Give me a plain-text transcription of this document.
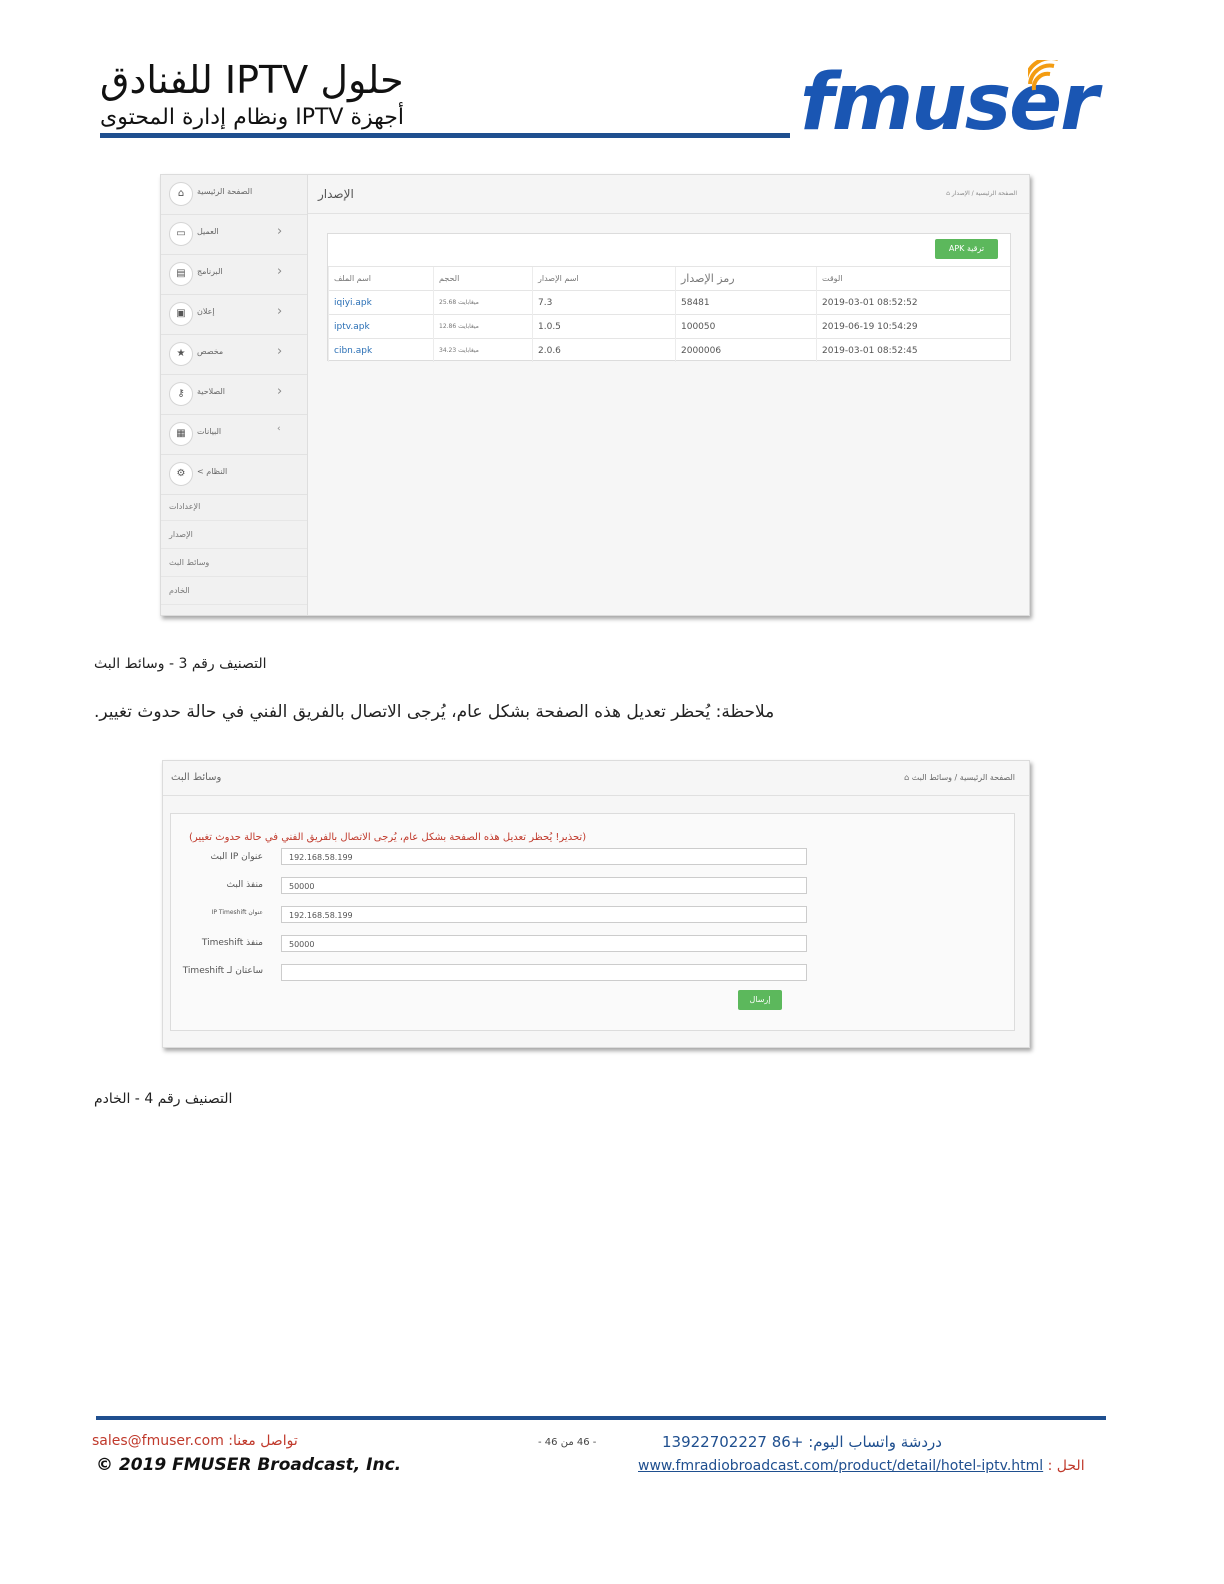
حلول IPTV للفنادق
أجهزة IPTV ونظام إدارة المحتوى	fmuser
⌂	الصفحة الرئيسية
▭	العميل	›
▤	البرنامج	›
▣	إعلان	›
★	مخصص	›
⚷	الصلاحية	›
▦	البيانات	‹
⚙	النظام >
الإعدادات
الإصدار
وسائط البث
الخادم
الإصدار	الصفحة الرئيسية / الإصدار ⌂
ترقية APK
اسم الملف	الحجم	اسم الإصدار	رمز الإصدار	الوقت
iqiyi.apk	25.68 ميغابايت	7.3	58481	2019-03-01 08:52:52
iptv.apk	12.86 ميغابايت	1.0.5	100050	2019-06-19 10:54:29
cibn.apk	34.23 ميغابايت	2.0.6	2000006	2019-03-01 08:52:45
التصنيف رقم 3 - وسائط البث
ملاحظة: يُحظر تعديل هذه الصفحة بشكل عام، يُرجى الاتصال بالفريق الفني في حالة حدوث تغيير.
وسائط البث	الصفحة الرئيسية / وسائط البث ⌂
(تحذير! يُحظر تعديل هذه الصفحة بشكل عام، يُرجى الاتصال بالفريق الفني في حالة حدوث تغيير)
عنوان IP البث	192.168.58.199
منفذ البث	50000
عنوان IP Timeshift	192.168.58.199
منفذ Timeshift	50000
ساعتان لـ Timeshift
إرسال
التصنيف رقم 4 - الخادم
تواصل معنا: sales@fmuser.com	- 46 من 46 -	دردشة واتساب اليوم: +86 13922702227
© 2019 FMUSER Broadcast, Inc.	الحل : www.fmradiobroadcast.com/product/detail/hotel-iptv.html
